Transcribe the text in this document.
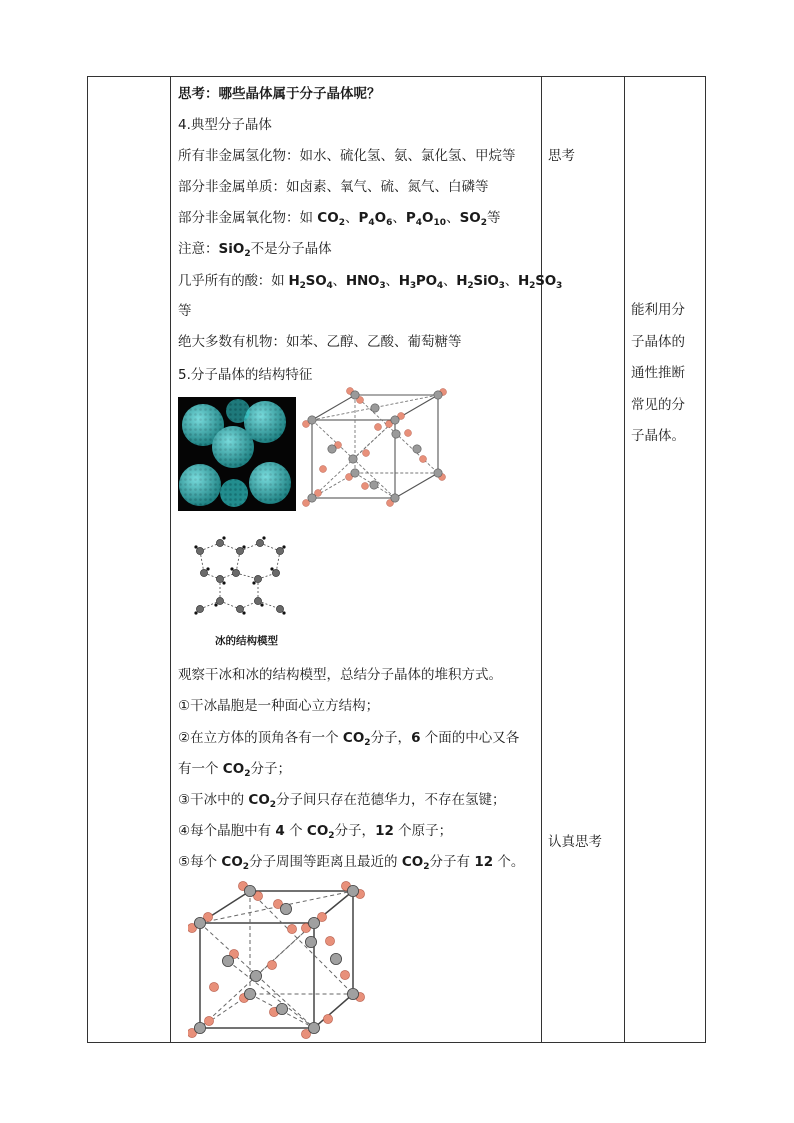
思考：哪些晶体属于分子晶体呢？
4.典型分子晶体
所有非金属氢化物：如水、硫化氢、氨、氯化氢、甲烷等
部分非金属单质：如卤素、氧气、硫、氮气、白磷等
部分非金属氧化物：如 $CO_2$、$P_4O_6$、$P_4O_{10}$、$SO_2$等
注意：SiO$_2$不是分子晶体
几乎所有的酸：如 $H_2SO_4$、$HNO_3$、$H_3PO_4$、$H_2SiO_3$、$H_2SO_3$
等
绝大多数有机物：如苯、乙醇、乙酸、葡萄糖等
5.分子晶体的结构特征
冰的结构模型
观察干冰和冰的结构模型，总结分子晶体的堆积方式。
①干冰晶胞是一种面心立方结构；
②在立方体的顶角各有一个 $CO_2$分子，6 个面的中心又各
有一个 $CO_2$分子；
③干冰中的 $CO_2$分子间只存在范德华力，不存在氢键；
④每个晶胞中有 4 个 $CO_2$分子，12 个原子；
⑤每个 $CO_2$分子周围等距离且最近的 $CO_2$分子有 12 个。
思考
认真思考
能利用分
子晶体的
通性推断
常见的分
子晶体。
